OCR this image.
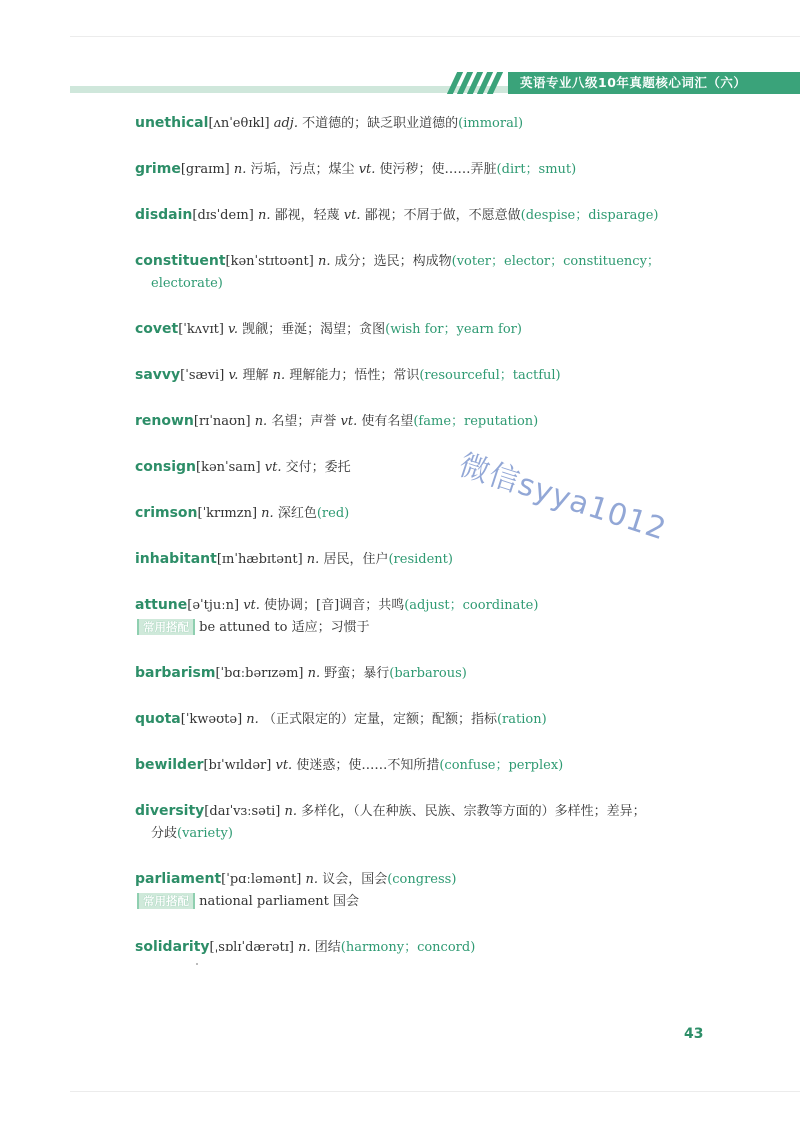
英语专业八级10年真题核心词汇（六）
unethical[ʌnˈeθɪkl] adj. 不道德的；缺乏职业道德的(immoral)
grime[graɪm] n. 污垢，污点；煤尘 vt. 使污秽；使……弄脏(dirt；smut)
disdain[dɪsˈdeɪn] n. 鄙视，轻蔑 vt. 鄙视；不屑于做，不愿意做(despise；disparage)
constituent[kənˈstɪtʊənt] n. 成分；选民；构成物(voter；elector；constituency；
electorate)
covet[ˈkʌvɪt] v. 觊觎；垂涎；渴望；贪图(wish for；yearn for)
savvy[ˈsævi] v. 理解 n. 理解能力；悟性；常识(resourceful；tactful)
renown[rɪˈnaʊn] n. 名望；声誉 vt. 使有名望(fame；reputation)
consign[kənˈsaɪn] vt. 交付；委托
crimson[ˈkrɪmzn] n. 深红色(red)
inhabitant[ɪnˈhæbɪtənt] n. 居民，住户(resident)
attune[əˈtjuːn] vt. 使协调；[音]调音；共鸣(adjust；coordinate)
常用搭配 be attuned to 适应；习惯于
barbarism[ˈbɑːbərɪzəm] n. 野蛮；暴行(barbarous)
quota[ˈkwəʊtə] n. （正式限定的）定量，定额；配额；指标(ration)
bewilder[bɪˈwɪldər] vt. 使迷惑；使……不知所措(confuse；perplex)
diversity[daɪˈvɜːsəti] n. 多样化，（人在种族、民族、宗教等方面的）多样性；差异；
分歧(variety)
parliament[ˈpɑːləmənt] n. 议会，国会(congress)
常用搭配 national parliament 国会
solidarity[ˌsɒlɪˈdærətɪ] n. 团结(harmony；concord)
微信syya1012
43
